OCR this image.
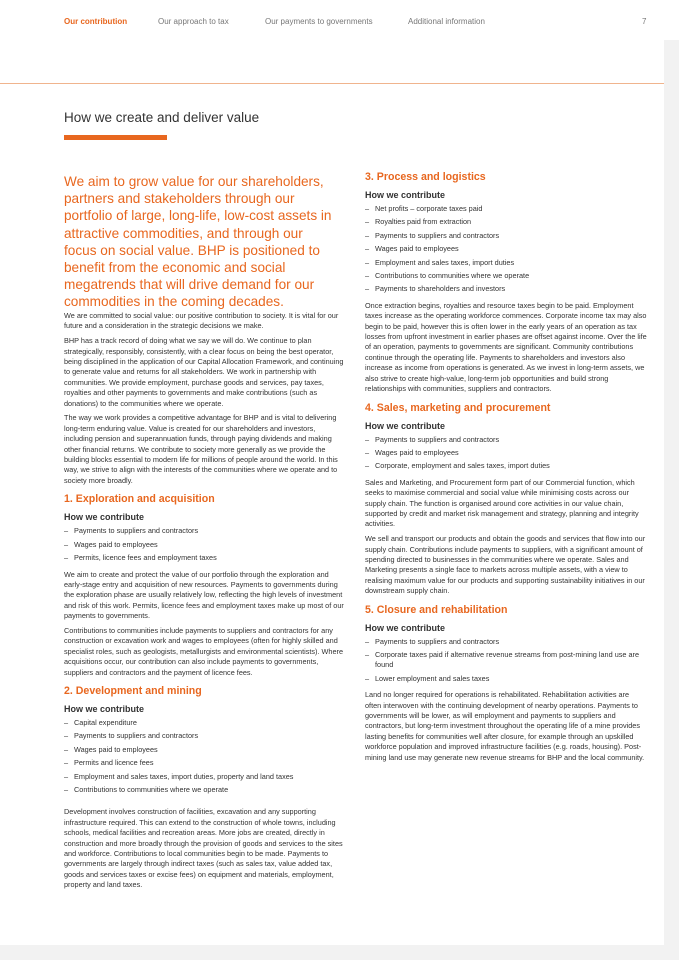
Our contribution	Our approach to tax	Our payments to governments	Additional information	7
How we create and deliver value
We aim to grow value for our shareholders, partners and stakeholders through our portfolio of large, long-life, low-cost assets in attractive commodities, and through our focus on social value. BHP is positioned to benefit from the economic and social megatrends that will drive demand for our commodities in the coming decades.

We are committed to social value: our positive contribution to society. It is vital for our future and a consideration in the strategic decisions we make.

BHP has a track record of doing what we say we will do. We continue to plan strategically, responsibly, consistently, with a clear focus on being the best operator, being disciplined in the application of our Capital Allocation Framework, and continuing to generate value and returns for all stakeholders. We work in partnership with communities. We provide employment, purchase goods and services, pay taxes, royalties and other payments to governments and make contributions (such as donations) to the communities where we operate.

The way we work provides a competitive advantage for BHP and is vital to delivering long-term enduring value. Value is created for our shareholders and investors, including pension and superannuation funds, through paying dividends and making other financial returns. We contribute to society more generally as we provide the building blocks essential to modern life for millions of people around the world. In this way, we strive to align with the interests of the communities where we operate and to society more broadly.

1. Exploration and acquisition
How we contribute
– Payments to suppliers and contractors
– Wages paid to employees
– Permits, licence fees and employment taxes

We aim to create and protect the value of our portfolio through the exploration and early-stage entry and acquisition of new resources. Payments to governments during the exploration phase are usually relatively low, reflecting the high levels of investment and risk of this work. Permits, licence fees and employment taxes make up most of our payments to governments.

Contributions to communities include payments to suppliers and contractors for any construction or excavation work and wages to employees (often for highly skilled and specialist roles, such as geologists, metallurgists and environmental scientists). Where acquisitions occur, our contribution can also include payments to governments, suppliers and contractors and the payment of licence fees.

2. Development and mining
How we contribute
– Capital expenditure
– Payments to suppliers and contractors
– Wages paid to employees
– Permits and licence fees
– Employment and sales taxes, import duties, property and land taxes
– Contributions to communities where we operate

Development involves construction of facilities, excavation and any supporting infrastructure required. This can extend to the construction of whole towns, including schools, medical facilities and recreation areas. More jobs are created, directly in construction and more broadly through the provision of goods and services to the sites and workforce. Contributions to local communities begin to be made. Payments to governments are largely through indirect taxes (such as sales tax, value added tax, goods and services taxes or excise fees) on equipment and materials, employment, property and land taxes.

3. Process and logistics
How we contribute
– Net profits – corporate taxes paid
– Royalties paid from extraction
– Payments to suppliers and contractors
– Wages paid to employees
– Employment and sales taxes, import duties
– Contributions to communities where we operate
– Payments to shareholders and investors

Once extraction begins, royalties and resource taxes begin to be paid. Employment taxes increase as the operating workforce commences. Corporate income tax may also begin to be paid, however this is often lower in the early years of an operation as tax losses from upfront investment in earlier phases are offset against income. Over the life of an operation, payments to governments are significant. Community contributions continue through the operating life. Payments to shareholders and investors also increase as income from operations is generated. As we invest in long-term assets, we also strive to create high-value, long-term job opportunities and build strong relationships with communities, suppliers and contractors.

4. Sales, marketing and procurement
How we contribute
– Payments to suppliers and contractors
– Wages paid to employees
– Corporate, employment and sales taxes, import duties

Sales and Marketing, and Procurement form part of our Commercial function, which seeks to maximise commercial and social value while minimising costs across our supply chain. The function is organised around core activities in our value chain, supported by credit and market risk management and strategy, planning and integrity activities.

We sell and transport our products and obtain the goods and services that flow into our supply chain. Contributions include payments to suppliers, with a significant amount of spending directed to businesses in the communities where we operate. Sales and Marketing presents a single face to markets across multiple assets, with a view to realising maximum value for our products and supporting sustainability initiatives in our downstream supply chain.

5. Closure and rehabilitation
How we contribute
– Payments to suppliers and contractors
– Corporate taxes paid if alternative revenue streams from post-mining land use are found
– Lower employment and sales taxes

Land no longer required for operations is rehabilitated. Rehabilitation activities are often interwoven with the continuing development of nearby operations. Payments to governments will be lower, as will employment and payments to suppliers and contractors, but long-term investment throughout the operating life of a mine provides lasting benefits for communities well after closure, for example through an upskilled workforce population and improved infrastructure facilities (e.g. roads, housing). Post-mining land use may generate new revenue streams for BHP and the local community.
